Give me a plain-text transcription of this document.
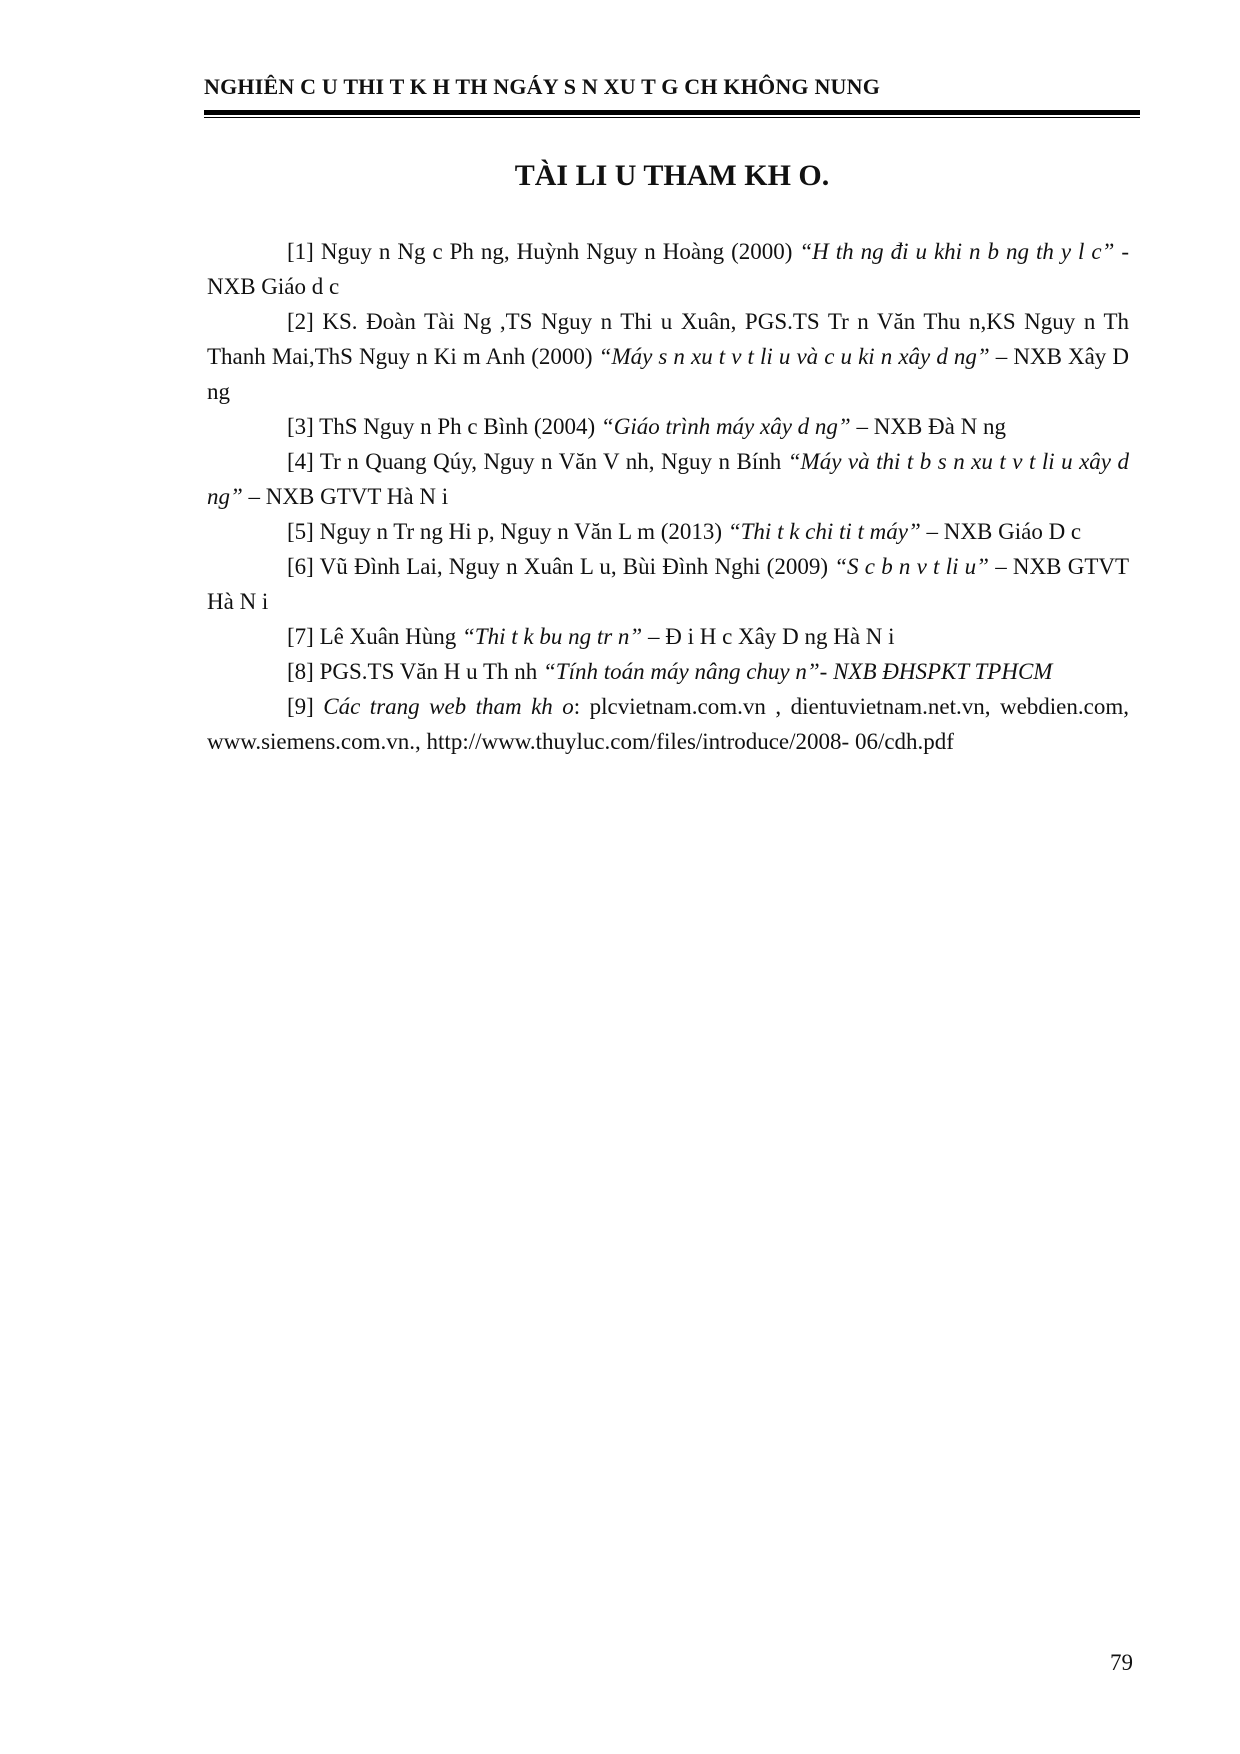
NGHIÊN C U THI T K H TH NGÁY S N XU T G CH KHÔNG NUNG
TÀI LI U THAM KH O.

[1] Nguy n Ng c Ph ng, Huỳnh Nguy n Hoàng (2000) “H th ng đi u khi n b ng th y l c” - NXB Giáo d c

[2] KS. Đoàn Tài Ng ,TS Nguy n Thi u Xuân, PGS.TS Tr n Văn Thu n,KS Nguy n Th Thanh Mai,ThS Nguy n Ki m Anh (2000) “Máy s n xu t v t li u và c u ki n xây d ng” – NXB Xây D ng

[3] ThS Nguy n Ph c Bình (2004) “Giáo trình máy xây d ng” – NXB Đà N ng

[4] Tr n Quang Qúy, Nguy n Văn V nh, Nguy n Bính “Máy và thi t b s n xu t v t li u xây d ng” – NXB GTVT Hà N i

[5] Nguy n Tr ng Hi p, Nguy n Văn L m (2013) “Thi t k chi ti t máy” – NXB Giáo D c

[6] Vũ Đình Lai, Nguy n Xuân L u, Bùi Đình Nghi (2009) “S c b n v t li u” – NXB GTVT Hà N i

[7] Lê Xuân Hùng “Thi t k bu ng tr n” – Đ i H c Xây D ng Hà N i

[8] PGS.TS Văn H u Th nh “Tính toán máy nâng chuy n”- NXB ĐHSPKT TPHCM

[9] Các trang web tham kh o: plcvietnam.com.vn , dientuvietnam.net.vn, webdien.com, www.siemens.com.vn., http://www.thuyluc.com/files/introduce/2008- 06/cdh.pdf

79
